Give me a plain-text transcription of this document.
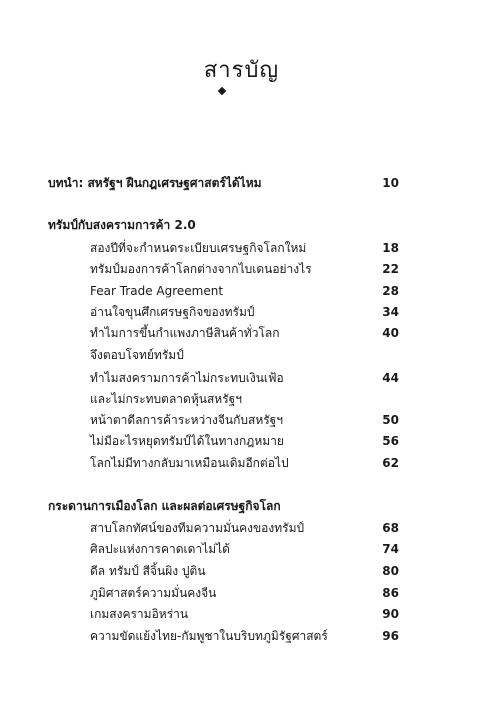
สารบัญ
บทนำ: สหรัฐฯ ฝืนกฎเศรษฐศาสตร์ได้ไหม	10
ทรัมป์กับสงครามการค้า 2.0
สองปีที่จะกำหนดระเบียบเศรษฐกิจโลกใหม่	18
ทรัมป์มองการค้าโลกต่างจากไบเดนอย่างไร	22
Fear Trade Agreement	28
อ่านใจขุนศึกเศรษฐกิจของทรัมป์	34
ทำไมการขึ้นกำแพงภาษีสินค้าทั่วโลก	40
จึงตอบโจทย์ทรัมป์
ทำไมสงครามการค้าไม่กระทบเงินเฟ้อ	44
และไม่กระทบตลาดหุ้นสหรัฐฯ
หน้าตาดีลการค้าระหว่างจีนกับสหรัฐฯ	50
ไม่มีอะไรหยุดทรัมป์ได้ในทางกฎหมาย	56
โลกไม่มีทางกลับมาเหมือนเดิมอีกต่อไป	62
กระดานการเมืองโลก และผลต่อเศรษฐกิจโลก
สาบโลกทัศน์ของทีมความมั่นคงของทรัมป์	68
ศิลปะแห่งการคาดเดาไม่ได้	74
ดีล ทรัมป์ สีจิ้นผิง ปูติน	80
ภูมิศาสตร์ความมั่นคงจีน	86
เกมสงครามอิหร่าน	90
ความขัดแย้งไทย-กัมพูชาในบริบทภูมิรัฐศาสตร์	96
